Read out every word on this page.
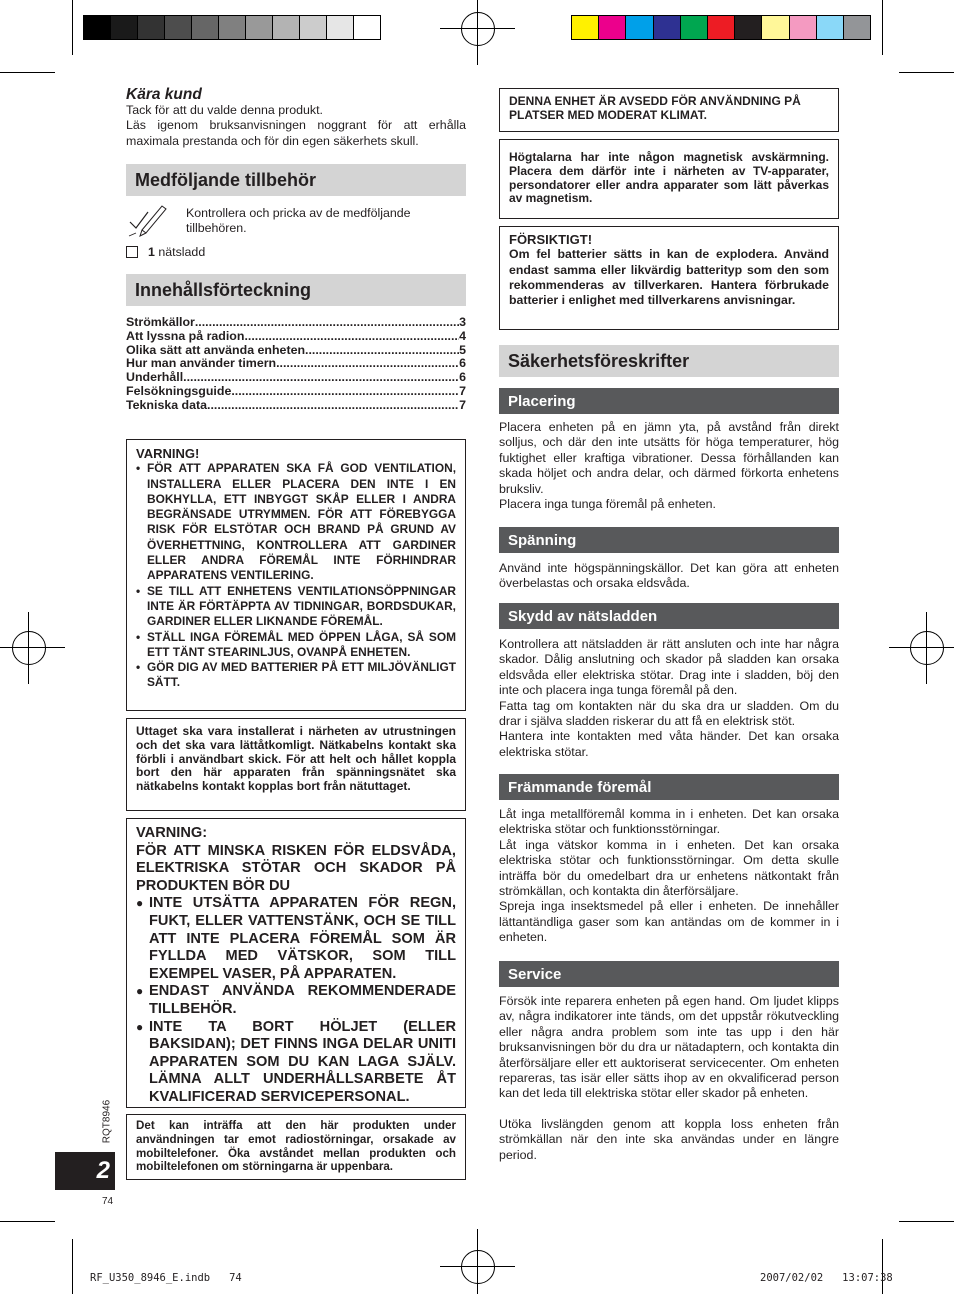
Kära kund
Tack för att du valde denna produkt.
Läs igenom bruksanvisningen noggrant för att erhålla maximala prestanda och för din egen säkerhets skull.
Medföljande tillbehör
Kontrollera och pricka av de medföljande tillbehören.
1 nätsladd
Innehållsförteckning
Strömkällor .....	3
Att lyssna på radion .....	4
Olika sätt att använda enheten .....	5
Hur man använder timern .....	6
Underhåll .....	6
Felsökningsguide .....	7
Tekniska data .....	7
VARNING!
• FÖR ATT APPARATEN SKA FÅ GOD VENTILATION, INSTALLERA ELLER PLACERA DEN INTE I EN BOKHYLLA, ETT INBYGGT SKÅP ELLER I ANDRA BEGRÄNSADE UTRYMMEN. FÖR ATT FÖREBYGGA RISK FÖR ELSTÖTAR OCH BRAND PÅ GRUND AV ÖVERHETTNING, KONTROLLERA ATT GARDINER ELLER ANDRA FÖREMÅL INTE FÖRHINDRAR APPARATENS VENTILERING.
• SE TILL ATT ENHETENS VENTILATIONSÖPPNINGAR INTE ÄR FÖRTÄPPTA AV TIDNINGAR, BORDSDUKAR, GARDINER ELLER LIKNANDE FÖREMÅL.
• STÄLL INGA FÖREMÅL MED ÖPPEN LÅGA, SÅ SOM ETT TÄNT STEARINLJUS, OVANPÅ ENHETEN.
• GÖR DIG AV MED BATTERIER PÅ ETT MILJÖVÄNLIGT SÄTT.
Uttaget ska vara installerat i närheten av utrustningen och det ska vara lättåtkomligt. Nätkabelns kontakt ska förbli i användbart skick. För att helt och hållet koppla bort den här apparaten från spänningsnätet ska nätkabelns kontakt kopplas bort från nätuttaget.
VARNING:
FÖR ATT MINSKA RISKEN FÖR ELDSVÅDA, ELEKTRISKA STÖTAR OCH SKADOR PÅ PRODUKTEN BÖR DU
● INTE UTSÄTTA APPARATEN FÖR REGN, FUKT, ELLER VATTENSTÄNK, OCH SE TILL ATT INTE PLACERA FÖREMÅL SOM ÄR FYLLDA MED VÄTSKOR, SOM TILL EXEMPEL VASER, PÅ APPARATEN.
● ENDAST ANVÄNDA REKOMMENDERADE TILLBEHÖR.
● INTE TA BORT HÖLJET (ELLER BAKSIDAN); DET FINNS INGA DELAR UNITI APPARATEN SOM DU KAN LAGA SJÄLV. LÄMNA ALLT UNDERHÅLLSARBETE ÅT KVALIFICERAD SERVICEPERSONAL.
Det kan inträffa att den här produkten under användningen tar emot radiostörningar, orsakade av mobiltelefoner. Öka avståndet mellan produkten och mobiltelefonen om störningarna är uppenbara.
RQT8946
2
74
DENNA ENHET ÄR AVSEDD FÖR ANVÄNDNING PÅ PLATSER MED MODERAT KLIMAT.
Högtalarna har inte någon magnetisk avskärmning. Placera dem därför inte i närheten av TV-apparater, persondatorer eller andra apparater som lätt påverkas av magnetism.
FÖRSIKTIGT!
Om fel batterier sätts in kan de explodera. Använd endast samma eller likvärdig batterityp som den som rekommenderas av tillverkaren. Hantera förbrukade batterier i enlighet med tillverkarens anvisningar.
Säkerhetsföreskrifter
Placering

Placera enheten på en jämn yta, på avstånd från direkt solljus, och där den inte utsätts för höga temperaturer, hög fuktighet eller kraftiga vibrationer. Dessa förhållanden kan skada höljet och andra delar, och därmed förkorta enhetens bruksliv.

Placera inga tunga föremål på enheten.

Spänning

Använd inte högspänningskällor. Det kan göra att enheten överbelastas och orsaka eldsvåda.

Skydd av nätsladden

Kontrollera att nätsladden är rätt ansluten och inte har några skador. Dålig anslutning och skador på sladden kan orsaka eldsvåda eller elektriska stötar. Drag inte i sladden, böj den inte och placera inga tunga föremål på den.

Fatta tag om kontakten när du ska dra ur sladden. Om du drar i själva sladden riskerar du att få en elektrisk stöt.

Hantera inte kontakten med våta händer. Det kan orsaka elektriska stötar.

Främmande föremål

Låt inga metallföremål komma in i enheten. Det kan orsaka elektriska stötar och funktionsstörningar.

Låt inga vätskor komma in i enheten. Det kan orsaka elektriska stötar och funktionsstörningar. Om detta skulle inträffa bör du omedelbart dra ur enhetens nätkontakt från strömkällan, och kontakta din återförsäljare.

Spreja inga insektsmedel på eller i enheten. De innehåller lättantändliga gaser som kan antändas om de kommer in i enheten.

Service

Försök inte reparera enheten på egen hand. Om ljudet klipps av, några indikatorer inte tänds, om det uppstår rökutveckling eller några andra problem som inte tas upp i den här bruksanvisningen bör du dra ur nätadaptern, och kontakta din återförsäljare eller ett auktoriserat servicecenter. Om enheten repareras, tas isär eller sätts ihop av en okvalificerad person kan det leda till elektriska stötar eller skador på enheten.

Utöka livslängden genom att koppla loss enheten från strömkällan när den inte ska användas under en längre period.

RF_U350_8946_E.indb   74	2007/02/02   13:07:38
